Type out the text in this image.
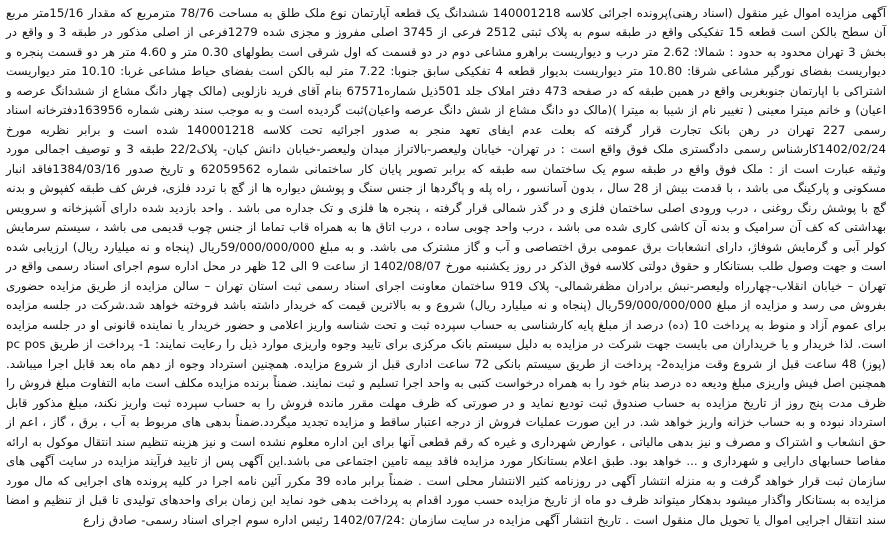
آگهی مزایده اموال غیر منقول (اسناد رهنی)پرونده اجرائی کلاسه 140001218 ششدانگ یک قطعه آپارتمان نوع ملک طلق به مساحت 78/76 مترمربع که مقدار 15/16متر مربع آن سطح بالکن است قطعه 15 تفکیکی واقع در طبقه سوم به پلاک ثبتی 2512 فرعی از 3745 اصلی مفروز و مجزی شده 1279فرعی از اصلی مذکور در طبقه 3 و واقع در بخش 3 تهران محدود به حدود : شمالا: 2.62 متر درب و دیواریست براهرو مشاعی دوم در دو قسمت که اول شرقی است بطولهای 0.30 متر و 4.60 متر هر دو قسمت پنجره و دیواریست بفضای نورگیر مشاعی شرقا: 10.80 متر دیواریست بدیوار قطعه 4 تفکیکی سابق جنوبا: 7.22 متر لبه بالکن است بفضای حیاط مشاعی غربا: 10.10 متر دیواریست اشتراکی با اپارتمان جنوبغربی واقع در همین طبقه که در صفحه 473 دفتر املاک جلد 501ذیل شماره67571 بنام آقای فرید نازلویی (مالک چهار دانگ مشاع از ششدانگ عرصه و اعیان) و خانم میترا معینی ( تغییر نام از شیبا به میترا )(مالک دو دانگ مشاع از شش دانگ عرصه واعیان)ثبت گردیده است و به موجب سند رهنی شماره 163956دفترخانه اسناد رسمی 227 تهران در رهن بانک تجارت قرار گرفته که بعلت عدم ایفای تعهد منجر به صدور اجرائیه تحت کلاسه 140001218 شده است و برابر نظریه مورخ 1402/02/24کارشناس رسمی دادگستری ملک فوق واقع است : در تهران- خیابان ولیعصر-بالاتراز میدان ولیعصر-خیابان دانش کیان- پلاک22/2 طبقه 3 و توصیف اجمالی مورد وثیقه عبارت است از : ملک فوق واقع در طبقه سوم یک ساختمان سه طبقه که برابر تصویر پایان کار ساختمانی شماره 62059562 و تاریخ صدور 1384/03/16فاقد انبار مسکونی و پارکینگ می باشد ، با قدمت بیش از 28 سال ، بدون آسانسور ، راه پله و پاگردها از جنس سنگ و پوشش دیواره ها از گچ با تردد فلزی، فرش کف طبقه کفپوش و بدنه گچ با پوشش رنگ روغنی ، درب ورودی اصلی ساختمان فلزی و در گذر شمالی قرار گرفته ، پنجره ها فلزی و تک جداره می باشد . واحد بازدید شده دارای آشپزخانه و سرویس بهداشتی که کف آن سرامیک و بدنه آن کاشی کاری شده می باشد ، درب واحد چوبی ساده ، درب اتاق ها به همراه قاب تماما از جنس چوب قدیمی می باشد ، سیستم سرمایش کولر آبی و گرمایش شوفاژ، دارای انشعابات برق عمومی برق اختصاصی و آب و گاز مشترک می باشد. و به مبلغ 59/000/000/000ریال (پنجاه و نه میلیارد ریال) ارزیابی شده است و جهت وصول طلب بستانکار و حقوق دولتی کلاسه فوق الذکر در روز یکشنبه مورخ 1402/08/07 از ساعت 9 الی 12 ظهر در محل اداره سوم اجرای اسناد رسمی واقع در تهران – خیابان انقلاب-چهارراه ولیعصر-نبش برادران مظفرشمالی- پلاک 919 ساختمان معاونت اجرای اسناد رسمی ثبت استان تهران – سالن مزایده از طریق مزایده حضوری بفروش می رسد و مزایده از مبلغ 59/000/000/000ریال (پنجاه و نه میلیارد ریال) شروع و به بالاترین قیمت که خریدار داشته باشد فروخته خواهد شد.شرکت در جلسه مزایده برای عموم آزاد و منوط به پرداخت 10 (ده) درصد از مبلغ پایه کارشناسی به حساب سپرده ثبت و تحت شناسه واریز اعلامی و حضور خریدار یا نماینده قانونی او در جلسه مزایده است. لذا خریدار و یا خریداران می بایست جهت شرکت در مزایده به دلیل سیستم بانک مرکزی برای تایید وجوه واریزی موارد ذیل را رعایت نمایند: 1- پرداخت از طریق pc pos (پوز) 48 ساعت قبل از شروع وقت مزایده2- پرداخت از طریق سیستم بانکی 72 ساعت اداری قبل از شروع مزایده. همچنین استرداد وجوه از دهم ماه بعد قابل اجرا میباشد. همچنین اصل فیش واریزی مبلغ ودیعه ده درصد بنام خود را به همراه درخواست کتبی به واحد اجرا تسلیم و ثبت نمایند. ضمناً برنده مزایده مکلف است مابه التفاوت مبلغ فروش را ظرف مدت پنج روز از تاریخ مزایده به حساب صندوق ثبت تودیع نماید و در صورتی که ظرف مهلت مقرر مانده فروش را به حساب سپرده ثبت واریز نکند، مبلغ مذکور قابل استرداد نبوده و به حساب خزانه واریز خواهد شد. در این صورت عملیات فروش از درجه اعتبار ساقط و مزایده تجدید میگردد.ضمناً بدهی های مربوط به آب ، برق ، گاز ، اعم از حق انشعاب و اشتراک و مصرف و نیز بدهی مالیاتی ، عوارض شهرداری و غیره که رقم قطعی آنها برای این اداره معلوم نشده است و نیز هزینه تنظیم سند انتقال موکول به ارائه مفاصا حسابهای دارایی و شهرداری و ... خواهد بود. طبق اعلام بستانکار مورد مزایده فاقد بیمه تامین اجتماعی می باشد.این آگهی پس از تایید فرآیند مزایده در سایت آگهی های سازمان ثبت قرار خواهد گرفت و به منزله انتشار آگهی در روزنامه کثیر الانتشار محلی است . ضمناً برابر ماده 39 مکرر آئین نامه اجرا در کلیه پرونده های اجرایی که مال مورد مزایده به بستانکار واگذار میشود بدهکار میتواند ظرف دو ماه از تاریخ مزایده حسب مورد اقدام به پرداخت بدهی خود نماید این زمان برای واحدهای تولیدی تا قبل از تنظیم و امضا سند انتقال اجرایی اموال یا تحویل مال منقول است . تاریخ انتشار آگهی مزایده در سایت سازمان :1402/07/24 رئیس اداره سوم اجرای اسناد رسمی- صادق زارع
